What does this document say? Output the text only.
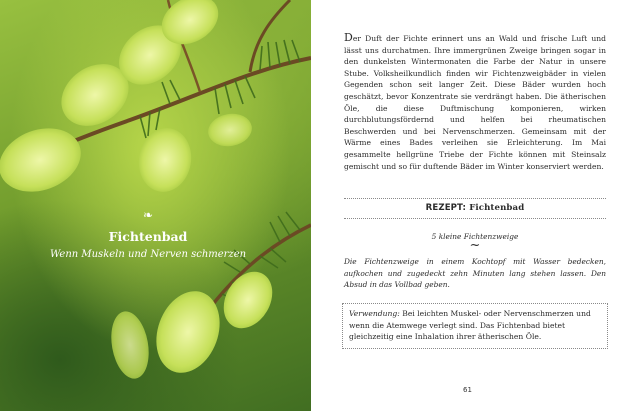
❧
Fichtenbad
Wenn Muskeln und Nerven schmerzen

Der Duft der Fichte erinnert uns an Wald und frische Luft und lässt uns durchatmen. Ihre immergrünen Zweige bringen sogar in den dunkelsten Wintermonaten die Farbe der Natur in unsere Stube. Volksheilkundlich finden wir Fichtenzweigbäder in vielen Gegenden schon seit langer Zeit. Diese Bäder wurden hoch geschätzt, bevor Konzentrate sie verdrängt haben. Die ätherischen Öle, die diese Duftmischung komponieren, wirken durchblutungsfördernd und helfen bei rheumatischen Beschwerden und bei Nervenschmerzen. Gemeinsam mit der Wärme eines Bades verleihen sie Erleichterung. Im Mai gesammelte hellgrüne Triebe der Fichte können mit Steinsalz gemischt und so für duftende Bäder im Winter konserviert werden.

REZEPT: Fichtenbad
5 kleine Fichtenzweige
~

Die Fichtenzweige in einem Kochtopf mit Wasser bedecken, aufkochen und zugedeckt zehn Minuten lang stehen lassen. Den Absud in das Vollbad geben.

Verwendung: Bei leichten Muskel- oder Nervenschmerzen und wenn die Atemwege verlegt sind. Das Fichtenbad bietet gleichzeitig eine Inhalation ihrer ätherischen Öle.

61
